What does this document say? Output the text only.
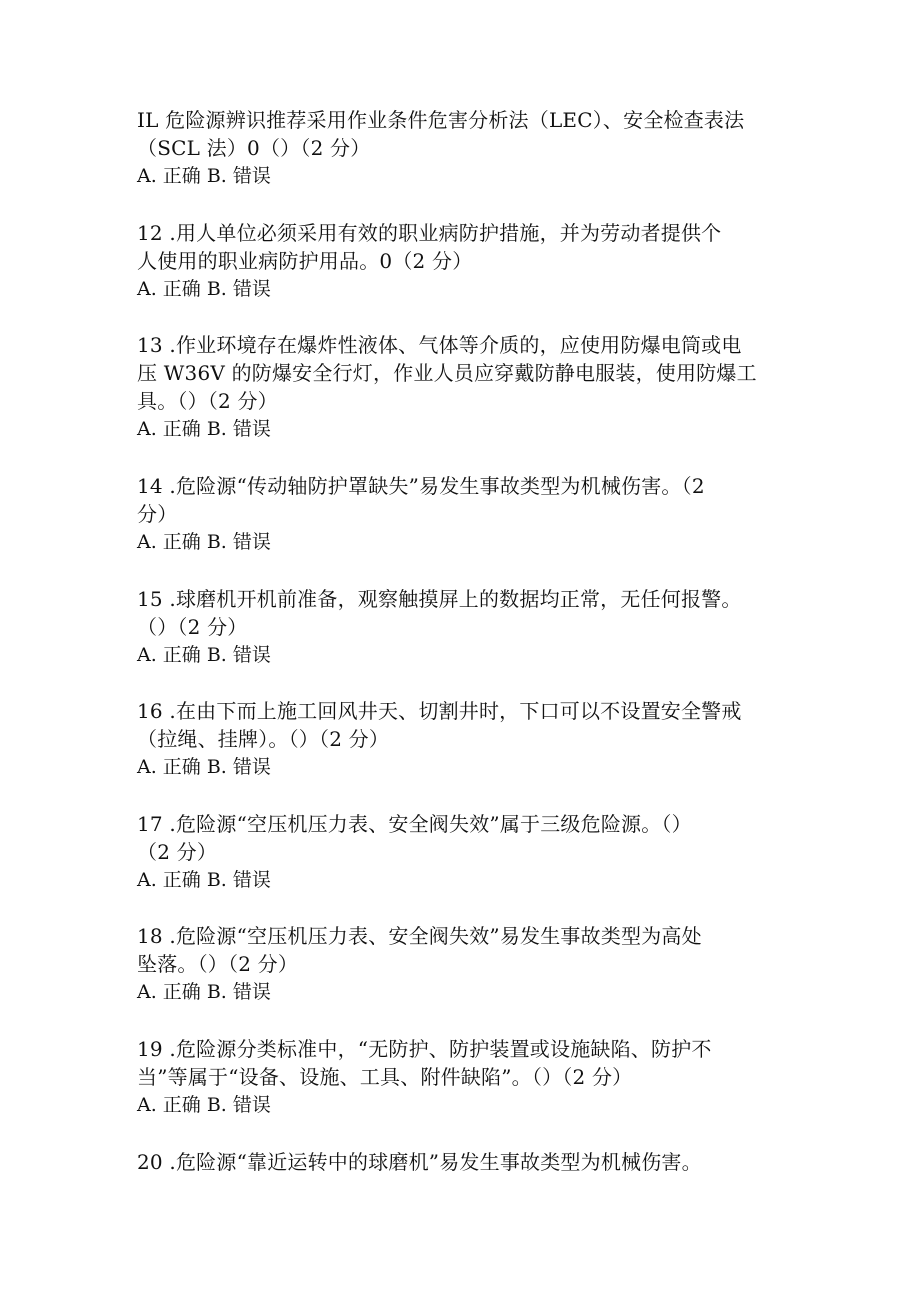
IL 危险源辨识推荐采用作业条件危害分析法（LEC）、安全检查表法
（SCL 法）0（）（2 分）
A. 正确 B. 错误
12 .用人单位必须采用有效的职业病防护措施，并为劳动者提供个
人使用的职业病防护用品。0（2 分）
A. 正确 B. 错误
13 .作业环境存在爆炸性液体、气体等介质的，应使用防爆电筒或电
压 W36V 的防爆安全行灯，作业人员应穿戴防静电服装，使用防爆工
具。（）（2 分）
A. 正确 B. 错误
14 .危险源“传动轴防护罩缺失”易发生事故类型为机械伤害。（2
分）
A. 正确 B. 错误
15 .球磨机开机前准备，观察触摸屏上的数据均正常，无任何报警。
（）（2 分）
A. 正确 B. 错误
16 .在由下而上施工回风井天、切割井时，下口可以不设置安全警戒
（拉绳、挂牌）。（）（2 分）
A. 正确 B. 错误
17 .危险源“空压机压力表、安全阀失效”属于三级危险源。（）
（2 分）
A. 正确 B. 错误
18 .危险源“空压机压力表、安全阀失效”易发生事故类型为高处
坠落。（）（2 分）
A. 正确 B. 错误
19 .危险源分类标准中，“无防护、防护装置或设施缺陷、防护不
当”等属于“设备、设施、工具、附件缺陷”。（）（2 分）
A. 正确 B. 错误
20 .危险源“靠近运转中的球磨机”易发生事故类型为机械伤害。
